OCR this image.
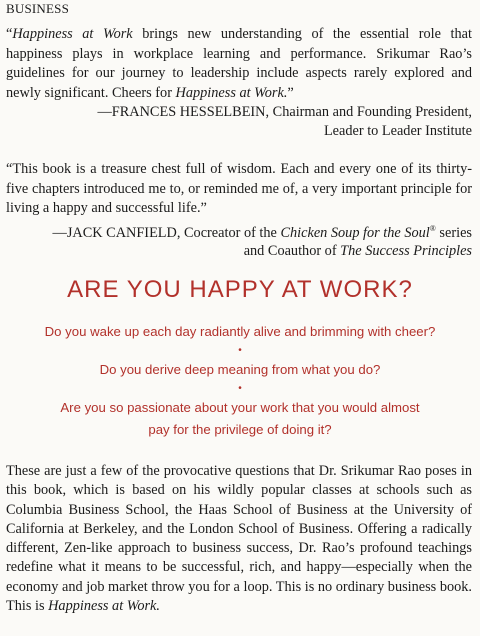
BUSINESS
“Happiness at Work brings new understanding of the essential role that happiness plays in workplace learning and performance. Srikumar Rao’s guidelines for our journey to leadership include aspects rarely explored and newly significant. Cheers for Happiness at Work.”
—FRANCES HESSELBEIN, Chairman and Founding President,
Leader to Leader Institute
“This book is a treasure chest full of wisdom. Each and every one of its thirty-five chapters introduced me to, or reminded me of, a very important principle for living a happy and successful life.”
—JACK CANFIELD, Cocreator of the Chicken Soup for the Soul® series
and Coauthor of The Success Principles
ARE YOU HAPPY AT WORK?
Do you wake up each day radiantly alive and brimming with cheer?
•
Do you derive deep meaning from what you do?
•
Are you so passionate about your work that you would almost pay for the privilege of doing it?
These are just a few of the provocative questions that Dr. Srikumar Rao poses in this book, which is based on his wildly popular classes at schools such as Columbia Business School, the Haas School of Business at the University of California at Berkeley, and the London School of Business. Offering a radically different, Zen-like approach to business success, Dr. Rao’s profound teachings redefine what it means to be successful, rich, and happy—especially when the economy and job market throw you for a loop. This is no ordinary business book. This is Happiness at Work.
